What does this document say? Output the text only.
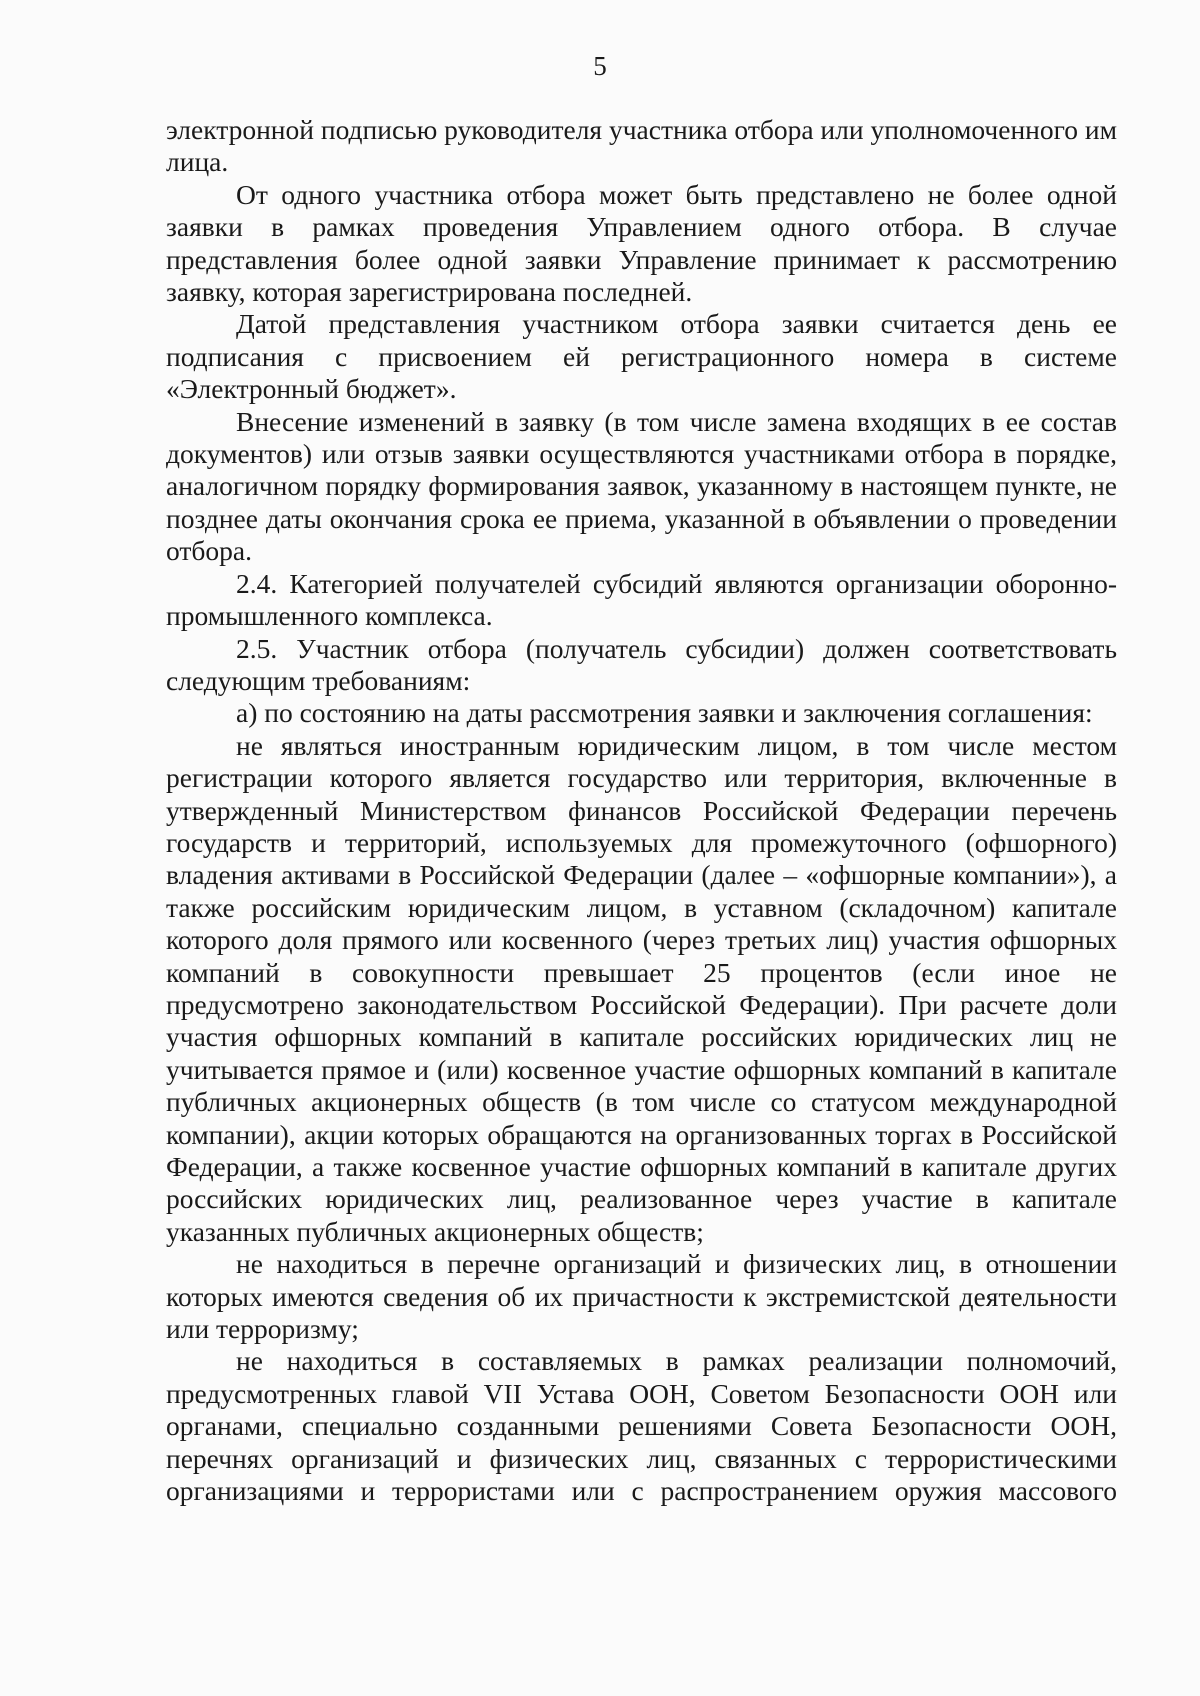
5

электронной подписью руководителя участника отбора или уполномоченного им лица.

От одного участника отбора может быть представлено не более одной заявки в рамках проведения Управлением одного отбора. В случае представления более одной заявки Управление принимает к рассмотрению заявку, которая зарегистрирована последней.

Датой представления участником отбора заявки считается день ее подписания с присвоением ей регистрационного номера в системе «Электронный бюджет».

Внесение изменений в заявку (в том числе замена входящих в ее состав документов) или отзыв заявки осуществляются участниками отбора в порядке, аналогичном порядку формирования заявок, указанному в настоящем пункте, не позднее даты окончания срока ее приема, указанной в объявлении о проведении отбора.

2.4. Категорией получателей субсидий являются организации оборонно-промышленного комплекса.

2.5. Участник отбора (получатель субсидии) должен соответствовать следующим требованиям:

а) по состоянию на даты рассмотрения заявки и заключения соглашения:

не являться иностранным юридическим лицом, в том числе местом регистрации которого является государство или территория, включенные в утвержденный Министерством финансов Российской Федерации перечень государств и территорий, используемых для промежуточного (офшорного) владения активами в Российской Федерации (далее – «офшорные компании»), а также российским юридическим лицом, в уставном (складочном) капитале которого доля прямого или косвенного (через третьих лиц) участия офшорных компаний в совокупности превышает 25 процентов (если иное не предусмотрено законодательством Российской Федерации). При расчете доли участия офшорных компаний в капитале российских юридических лиц не учитывается прямое и (или) косвенное участие офшорных компаний в капитале публичных акционерных обществ (в том числе со статусом международной компании), акции которых обращаются на организованных торгах в Российской Федерации, а также косвенное участие офшорных компаний в капитале других российских юридических лиц, реализованное через участие в капитале указанных публичных акционерных обществ;

не находиться в перечне организаций и физических лиц, в отношении которых имеются сведения об их причастности к экстремистской деятельности или терроризму;

не находиться в составляемых в рамках реализации полномочий, предусмотренных главой VII Устава ООН, Советом Безопасности ООН или органами, специально созданными решениями Совета Безопасности ООН, перечнях организаций и физических лиц, связанных с террористическими организациями и террористами или с распространением оружия массового
